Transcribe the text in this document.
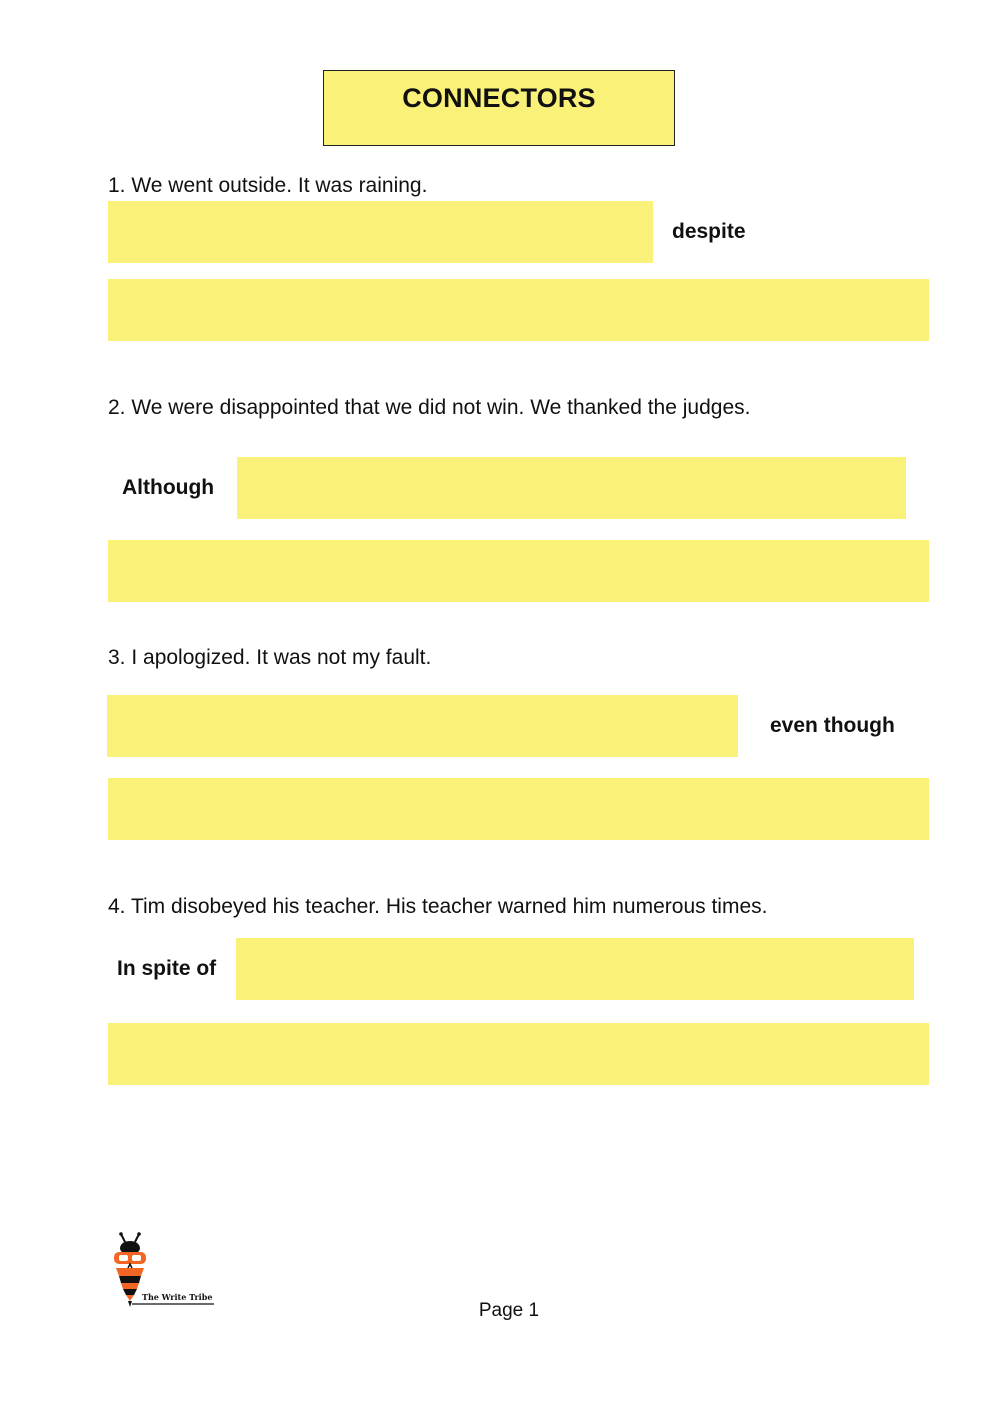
CONNECTORS
1. We went outside. It was raining.
despite
2. We were disappointed that we did not win. We thanked the judges.
Although
3. I apologized. It was not my fault.
even though
4. Tim disobeyed his teacher. His teacher warned him numerous times.
In spite of
The Write Tribe
Page 1
